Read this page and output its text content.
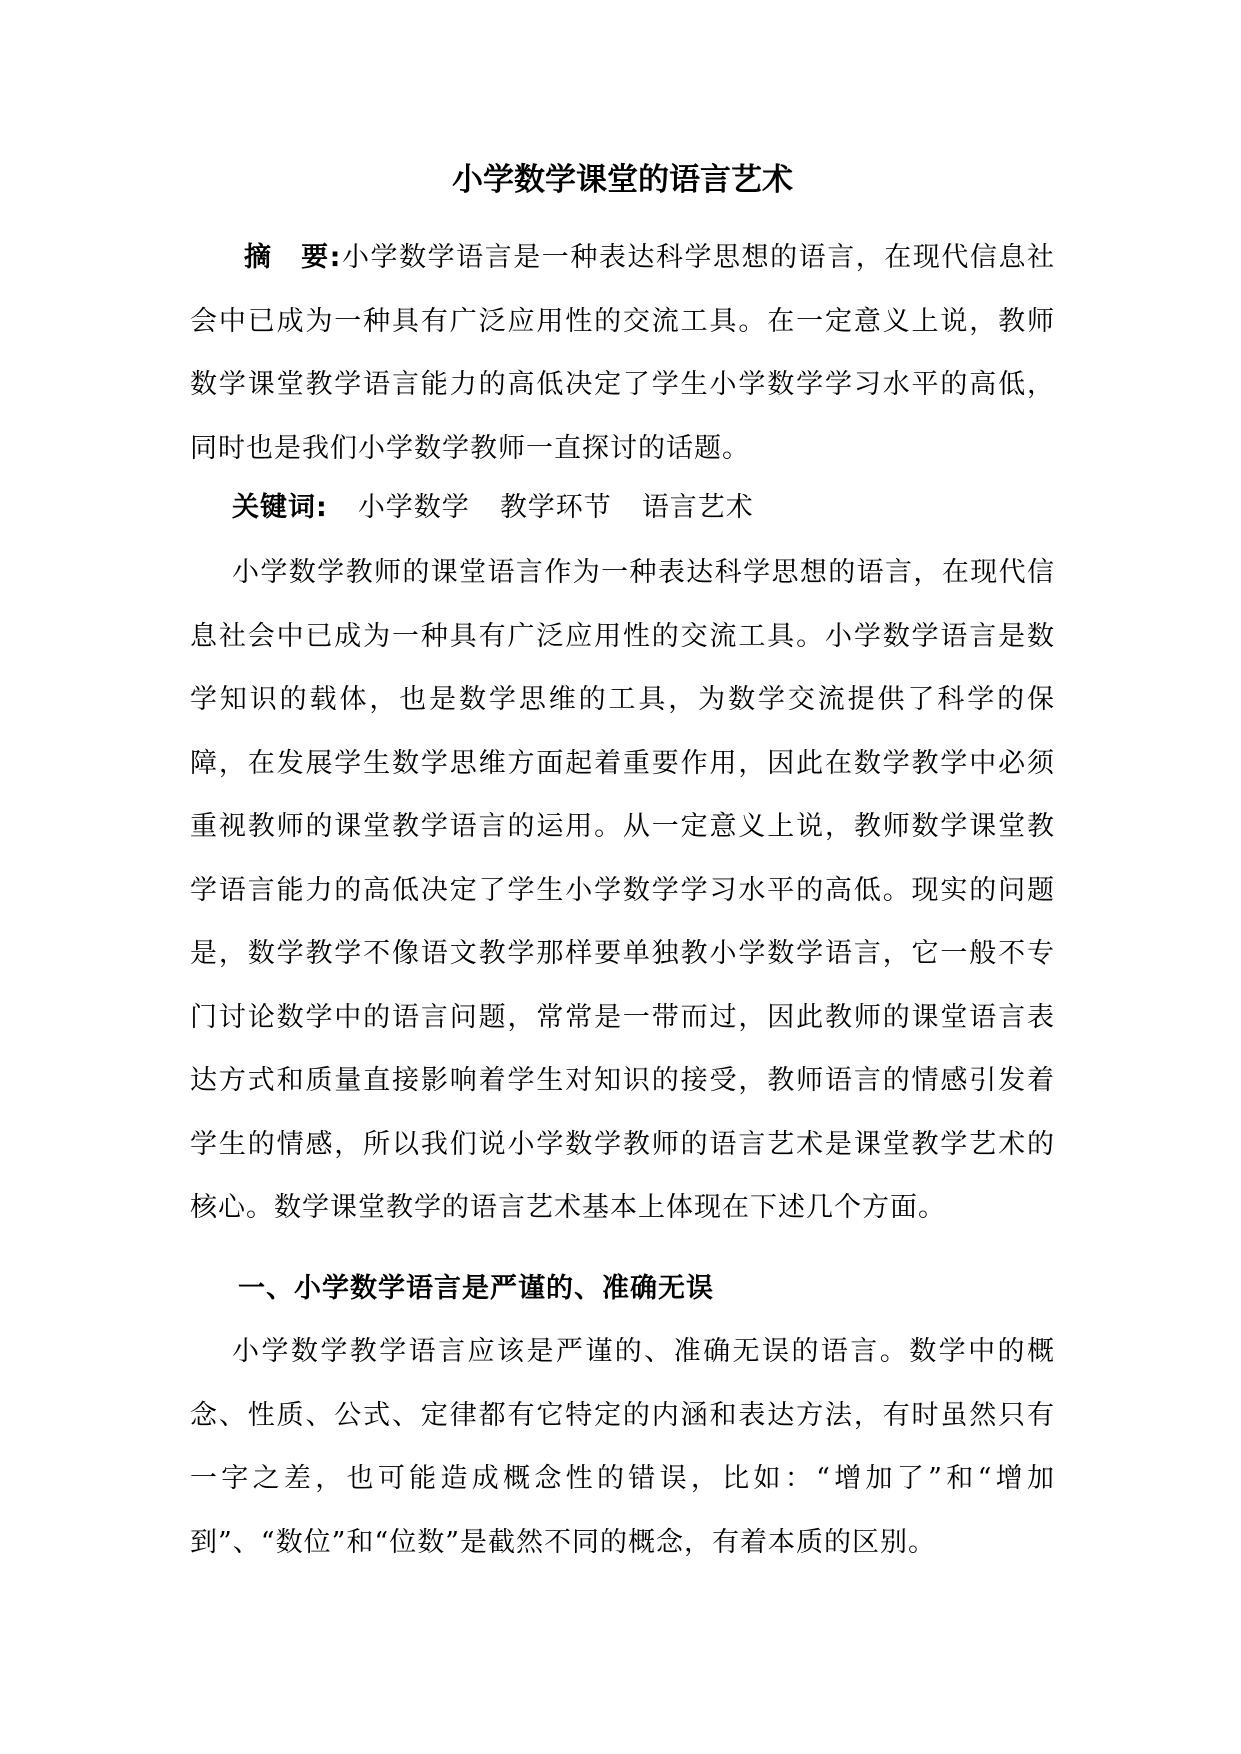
小学数学课堂的语言艺术

摘　要:小学数学语言是一种表达科学思想的语言，在现代信息社会中已成为一种具有广泛应用性的交流工具。在一定意义上说，教师数学课堂教学语言能力的高低决定了学生小学数学学习水平的高低，同时也是我们小学数学教师一直探讨的话题。

关键词: 小学数学 教学环节 语言艺术

小学数学教师的课堂语言作为一种表达科学思想的语言，在现代信息社会中已成为一种具有广泛应用性的交流工具。小学数学语言是数学知识的载体，也是数学思维的工具，为数学交流提供了科学的保障，在发展学生数学思维方面起着重要作用，因此在数学教学中必须重视教师的课堂教学语言的运用。从一定意义上说，教师数学课堂教学语言能力的高低决定了学生小学数学学习水平的高低。现实的问题是，数学教学不像语文教学那样要单独教小学数学语言，它一般不专门讨论数学中的语言问题，常常是一带而过，因此教师的课堂语言表达方式和质量直接影响着学生对知识的接受，教师语言的情感引发着学生的情感，所以我们说小学数学教师的语言艺术是课堂教学艺术的核心。数学课堂教学的语言艺术基本上体现在下述几个方面。

一、小学数学语言是严谨的、准确无误

小学数学教学语言应该是严谨的、准确无误的语言。数学中的概念、性质、公式、定律都有它特定的内涵和表达方法，有时虽然只有一字之差，也可能造成概念性的错误，比如：“增加了”和“增加到”、“数位”和“位数”是截然不同的概念，有着本质的区别。
